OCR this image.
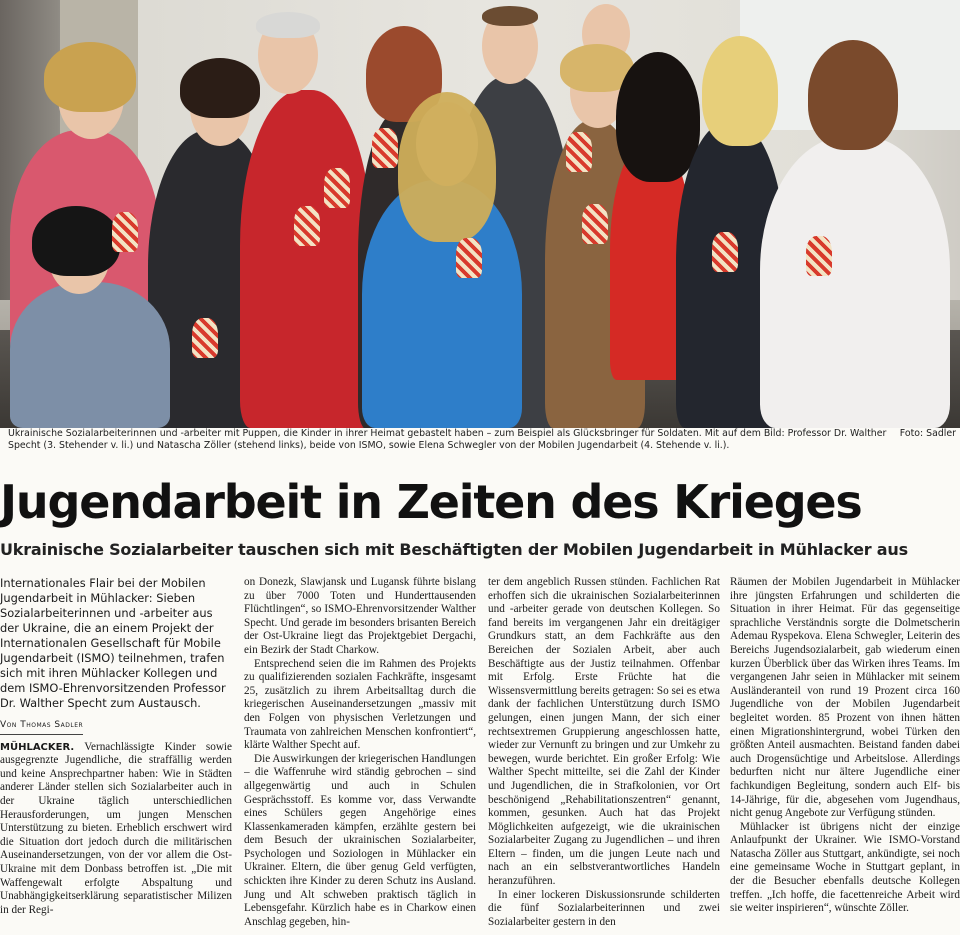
Foto: Sadler
Ukrainische Sozialarbeiterinnen und -arbeiter mit Puppen, die Kinder in ihrer Heimat gebastelt haben – zum Beispiel als Glücksbringer für Soldaten. Mit auf dem Bild: Professor Dr. Walther Specht (3. Stehender v. li.) und Natascha Zöller (stehend links), beide von ISMO, sowie Elena Schwegler von der Mobilen Jugendarbeit (4. Stehende v. li.).
Jugendarbeit in Zeiten des Krieges
Ukrainische Sozialarbeiter tauschen sich mit Beschäftigten der Mobilen Jugendarbeit in Mühlacker aus

Internationales Flair bei der Mobilen Jugendarbeit in Mühlacker: Sieben Sozialarbeiterinnen und -arbeiter aus der Ukraine, die an einem Projekt der Internationalen Gesellschaft für Mobile Jugendarbeit (ISMO) teilnehmen, trafen sich mit ihren Mühlacker Kollegen und dem ISMO-Ehrenvorsitzenden Professor Dr. Walther Specht zum Austausch.

Von Thomas Sadler

MÜHLACKER. Vernachlässigte Kinder sowie ausgegrenzte Jugendliche, die straffällig werden und keine Ansprechpartner haben: Wie in Städten anderer Länder stellen sich Sozialarbeiter auch in der Ukraine täglich unterschiedlichen Herausforderungen, um jungen Menschen Unterstützung zu bieten. Erheblich erschwert wird die Situation dort jedoch durch die militärischen Auseinandersetzungen, von der vor allem die Ost-Ukraine mit dem Donbass betroffen ist. „Die mit Waffengewalt erfolgte Abspaltung und Unabhängigkeitserklärung separatistischer Milizen in der Regi-

on Donezk, Slawjansk und Lugansk führte bislang zu über 7000 Toten und Hunderttausenden Flüchtlingen“, so ISMO-Ehrenvorsitzender Walther Specht. Und gerade im besonders brisanten Bereich der Ost-Ukraine liegt das Projektgebiet Dergachi, ein Bezirk der Stadt Charkow.

Entsprechend seien die im Rahmen des Projekts zu qualifizierenden sozialen Fachkräfte, insgesamt 25, zusätzlich zu ihrem Arbeitsalltag durch die kriegerischen Auseinandersetzungen „massiv mit den Folgen von physischen Verletzungen und Traumata von zahlreichen Menschen konfrontiert“, klärte Walther Specht auf.

Die Auswirkungen der kriegerischen Handlungen – die Waffenruhe wird ständig gebrochen – sind allgegenwärtig und auch in Schulen Gesprächsstoff. Es komme vor, dass Verwandte eines Schülers gegen Angehörige eines Klassenkameraden kämpfen, erzählte gestern bei dem Besuch der ukrainischen Sozialarbeiter, Psychologen und Soziologen in Mühlacker ein Ukrainer. Eltern, die über genug Geld verfügten, schickten ihre Kinder zu deren Schutz ins Ausland. Jung und Alt schweben praktisch täglich in Lebensgefahr. Kürzlich habe es in Charkow einen Anschlag gegeben, hin-

ter dem angeblich Russen stünden. Fachlichen Rat erhoffen sich die ukrainischen Sozialarbeiterinnen und -arbeiter gerade von deutschen Kollegen. So fand bereits im vergangenen Jahr ein dreitägiger Grundkurs statt, an dem Fachkräfte aus den Bereichen der Sozialen Arbeit, aber auch Beschäftigte aus der Justiz teilnahmen. Offenbar mit Erfolg. Erste Früchte hat die Wissensvermittlung bereits getragen: So sei es etwa dank der fachlichen Unterstützung durch ISMO gelungen, einen jungen Mann, der sich einer rechtsextremen Gruppierung angeschlossen hatte, wieder zur Vernunft zu bringen und zur Umkehr zu bewegen, wurde berichtet. Ein großer Erfolg: Wie Walther Specht mitteilte, sei die Zahl der Kinder und Jugendlichen, die in Strafkolonien, vor Ort beschönigend „Rehabilitationszentren“ genannt, kommen, gesunken. Auch hat das Projekt Möglichkeiten aufgezeigt, wie die ukrainischen Sozialarbeiter Zugang zu Jugendlichen – und ihren Eltern – finden, um die jungen Leute nach und nach an ein selbstverantwortliches Handeln heranzuführen.

In einer lockeren Diskussionsrunde schilderten die fünf Sozialarbeiterinnen und zwei Sozialarbeiter gestern in den

Räumen der Mobilen Jugendarbeit in Mühlacker ihre jüngsten Erfahrungen und schilderten die Situation in ihrer Heimat. Für das gegenseitige sprachliche Verständnis sorgte die Dolmetscherin Ademau Ryspekova. Elena Schwegler, Leiterin des Bereichs Jugendsozialarbeit, gab wiederum einen kurzen Überblick über das Wirken ihres Teams. Im vergangenen Jahr seien in Mühlacker mit seinem Ausländeranteil von rund 19 Prozent circa 160 Jugendliche von der Mobilen Jugendarbeit begleitet worden. 85 Prozent von ihnen hätten einen Migrationshintergrund, wobei Türken den größten Anteil ausmachten. Beistand fanden dabei auch Drogensüchtige und Arbeitslose. Allerdings bedurften nicht nur ältere Jugendliche einer fachkundigen Begleitung, sondern auch Elf- bis 14-Jährige, für die, abgesehen vom Jugendhaus, nicht genug Angebote zur Verfügung stünden.

Mühlacker ist übrigens nicht der einzige Anlaufpunkt der Ukrainer. Wie ISMO-Vorstand Natascha Zöller aus Stuttgart, ankündigte, sei noch eine gemeinsame Woche in Stuttgart geplant, in der die Besucher ebenfalls deutsche Kollegen treffen. „Ich hoffe, die facettenreiche Arbeit wird sie weiter inspirieren“, wünschte Zöller.
